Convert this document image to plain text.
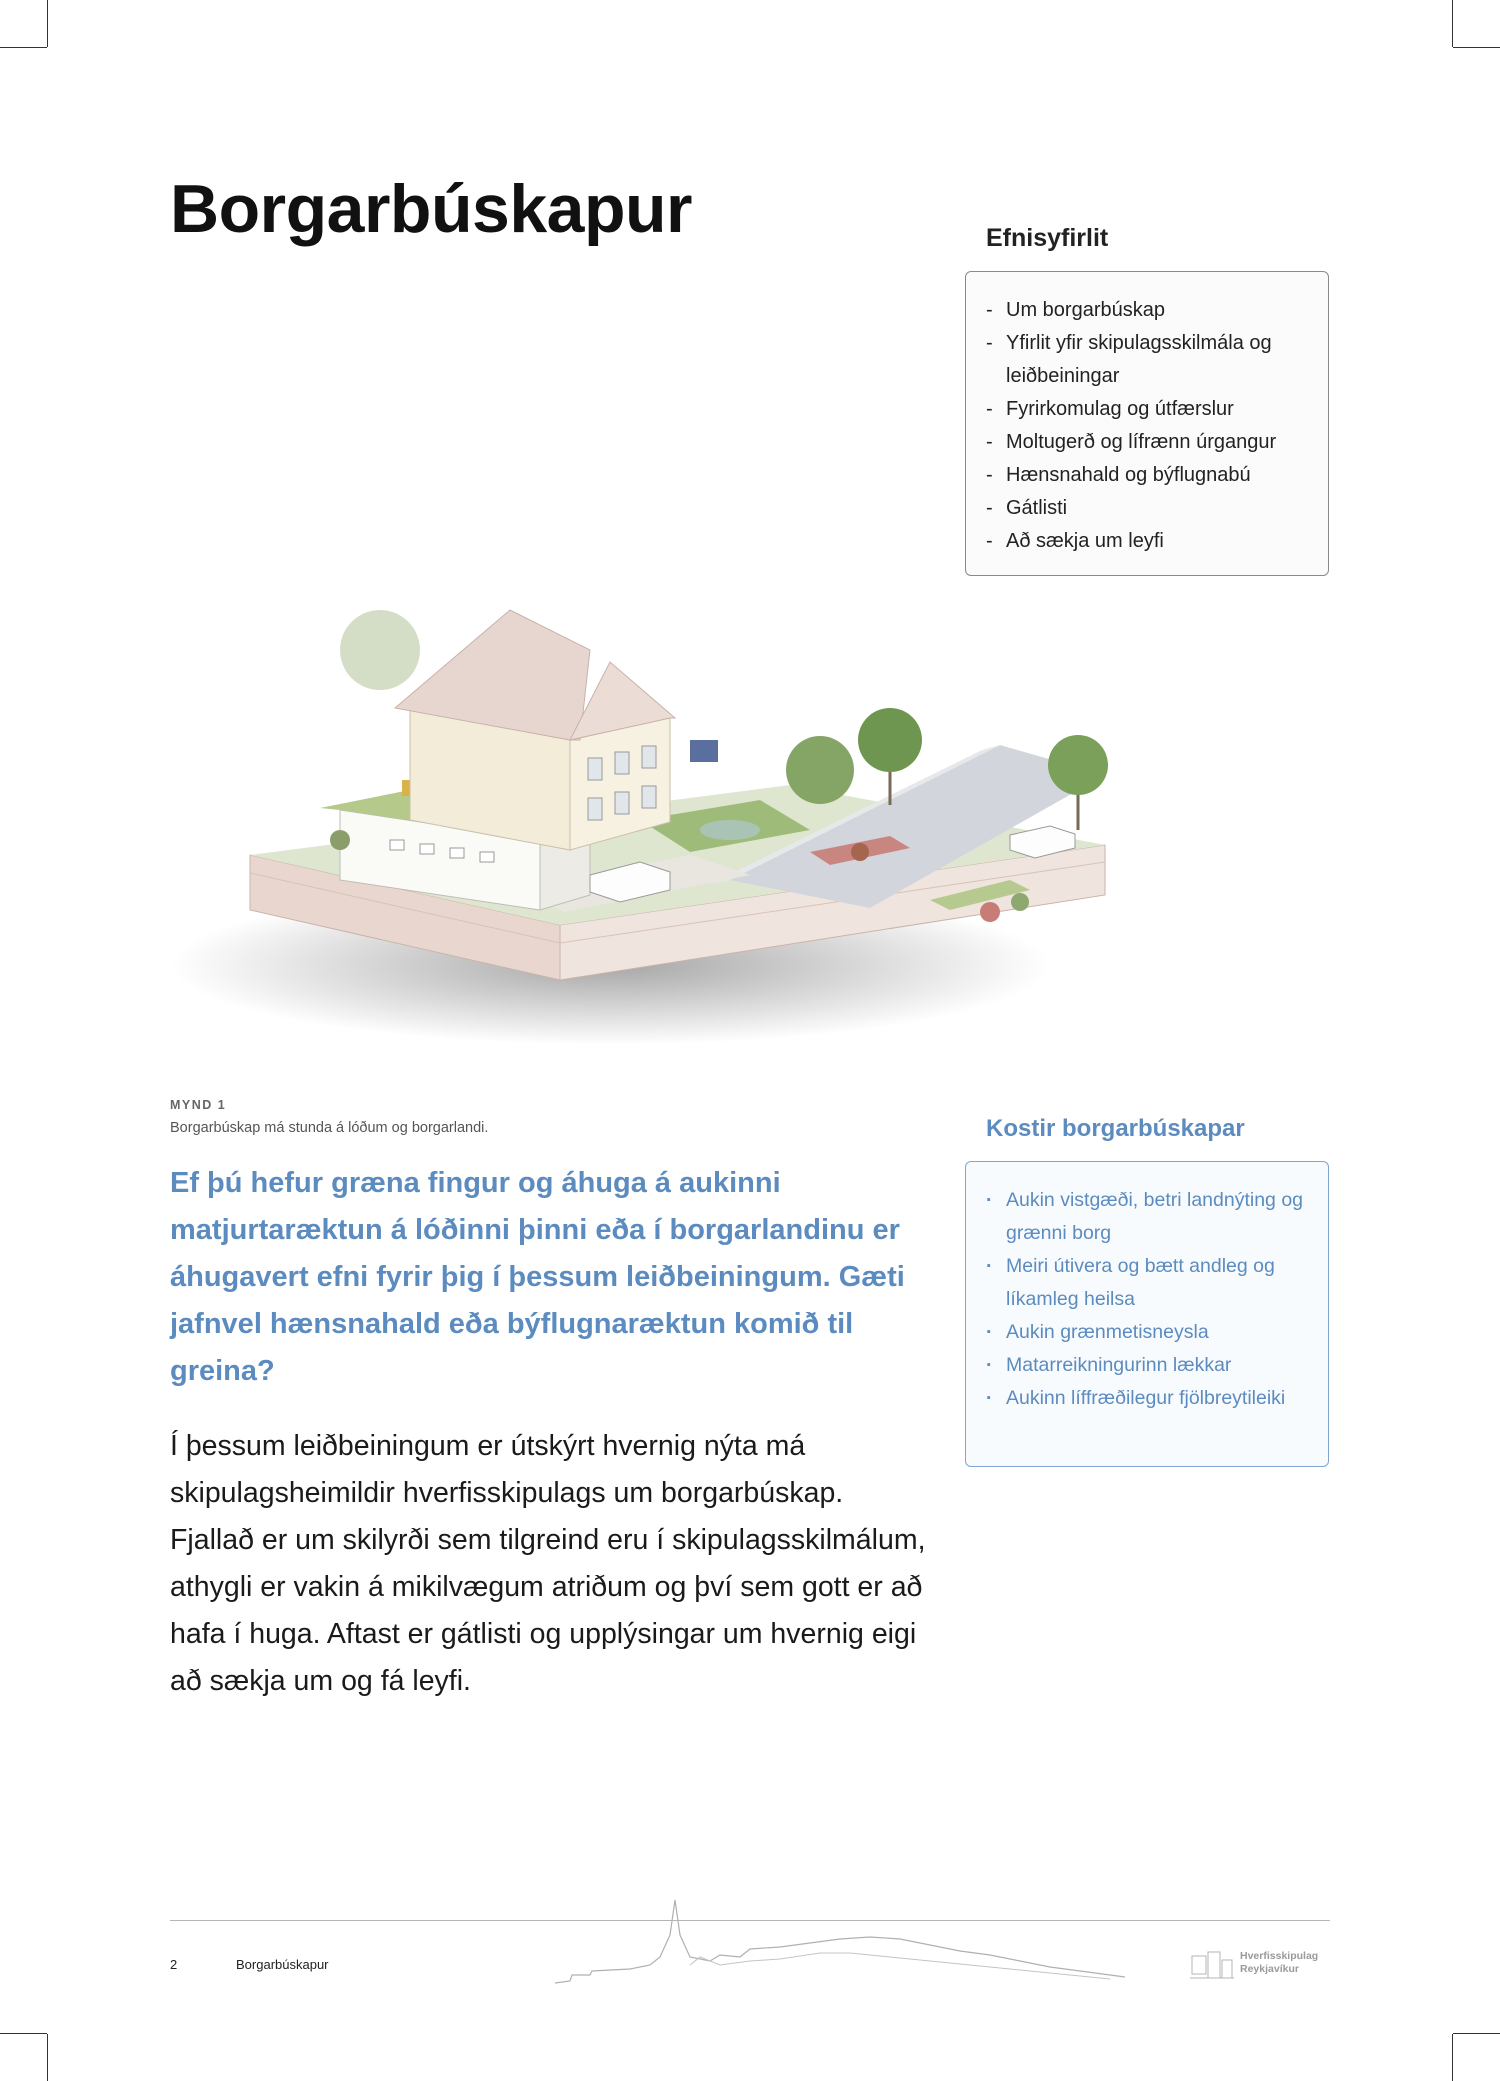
Borgarbúskapur	Efnisyfirlit
- Um borgarbúskap
- Yfirlit yfir skipulagsskilmála og leiðbeiningar
- Fyrirkomulag og útfærslur
- Moltugerð og lífrænn úrgangur
- Hænsnahald og býflugnabú
- Gátlisti
- Að sækja um leyfi
MYND 1
Borgarbúskap má stunda á lóðum og borgarlandi.

Ef þú hefur græna fingur og áhuga á aukinni matjurtaræktun á lóðinni þinni eða í borgarlandinu er áhugavert efni fyrir þig í þessum leiðbeiningum. Gæti jafnvel hænsnahald eða býflugnaræktun komið til greina?

Í þessum leiðbeiningum er útskýrt hvernig nýta má skipulagsheimildir hverfisskipulags um borgarbúskap. Fjallað er um skilyrði sem tilgreind eru í skipulagsskilmálum, athygli er vakin á mikilvægum atriðum og því sem gott er að hafa í huga. Aftast er gátlisti og upplýsingar um hvernig eigi að sækja um og fá leyfi.

Kostir borgarbúskapar
· Aukin vistgæði, betri landnýting og grænni borg
· Meiri útivera og bætt andleg og líkamleg heilsa
· Aukin grænmetisneysla
· Matarreikningurinn lækkar
· Aukinn líffræðilegur fjölbreytileiki
2	Borgarbúskapur
Hverfisskipulag
Reykjavíkur
